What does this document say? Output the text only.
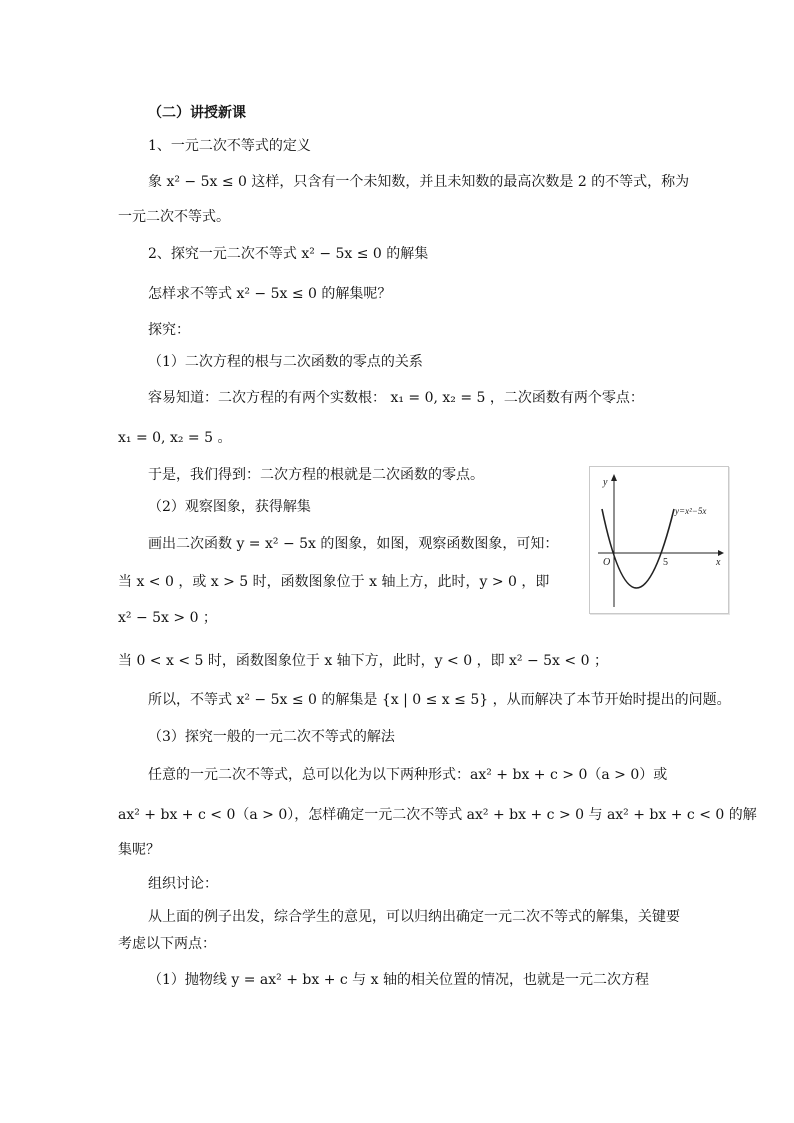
（二）讲授新课
1、一元二次不等式的定义
象 x² − 5x ≤ 0 这样，只含有一个未知数，并且未知数的最高次数是 2 的不等式，称为
一元二次不等式。
2、探究一元二次不等式 x² − 5x ≤ 0 的解集
怎样求不等式 x² − 5x ≤ 0 的解集呢？
探究：
（1）二次方程的根与二次函数的零点的关系
容易知道：二次方程的有两个实数根： x₁ = 0, x₂ = 5 ，二次函数有两个零点：
x₁ = 0, x₂ = 5 。
于是，我们得到：二次方程的根就是二次函数的零点。
（2）观察图象，获得解集
画出二次函数 y = x² − 5x 的图象，如图，观察函数图象，可知：
当 x < 0 ，或 x > 5 时，函数图象位于 x 轴上方，此时，y > 0 ，即
x² − 5x > 0 ；
当 0 < x < 5 时，函数图象位于 x 轴下方，此时，y < 0 ，即 x² − 5x < 0 ；
所以，不等式 x² − 5x ≤ 0 的解集是 {x | 0 ≤ x ≤ 5} ，从而解决了本节开始时提出的问题。
（3）探究一般的一元二次不等式的解法
任意的一元二次不等式，总可以化为以下两种形式：ax² + bx + c > 0（a > 0）或
ax² + bx + c < 0（a > 0），怎样确定一元二次不等式 ax² + bx + c > 0 与 ax² + bx + c < 0 的解
集呢？
组织讨论：
从上面的例子出发，综合学生的意见，可以归纳出确定一元二次不等式的解集，关键要
考虑以下两点：
（1）抛物线 y = ax² + bx + c 与 x 轴的相关位置的情况，也就是一元二次方程
y
x
O	5
y=x²−5x
